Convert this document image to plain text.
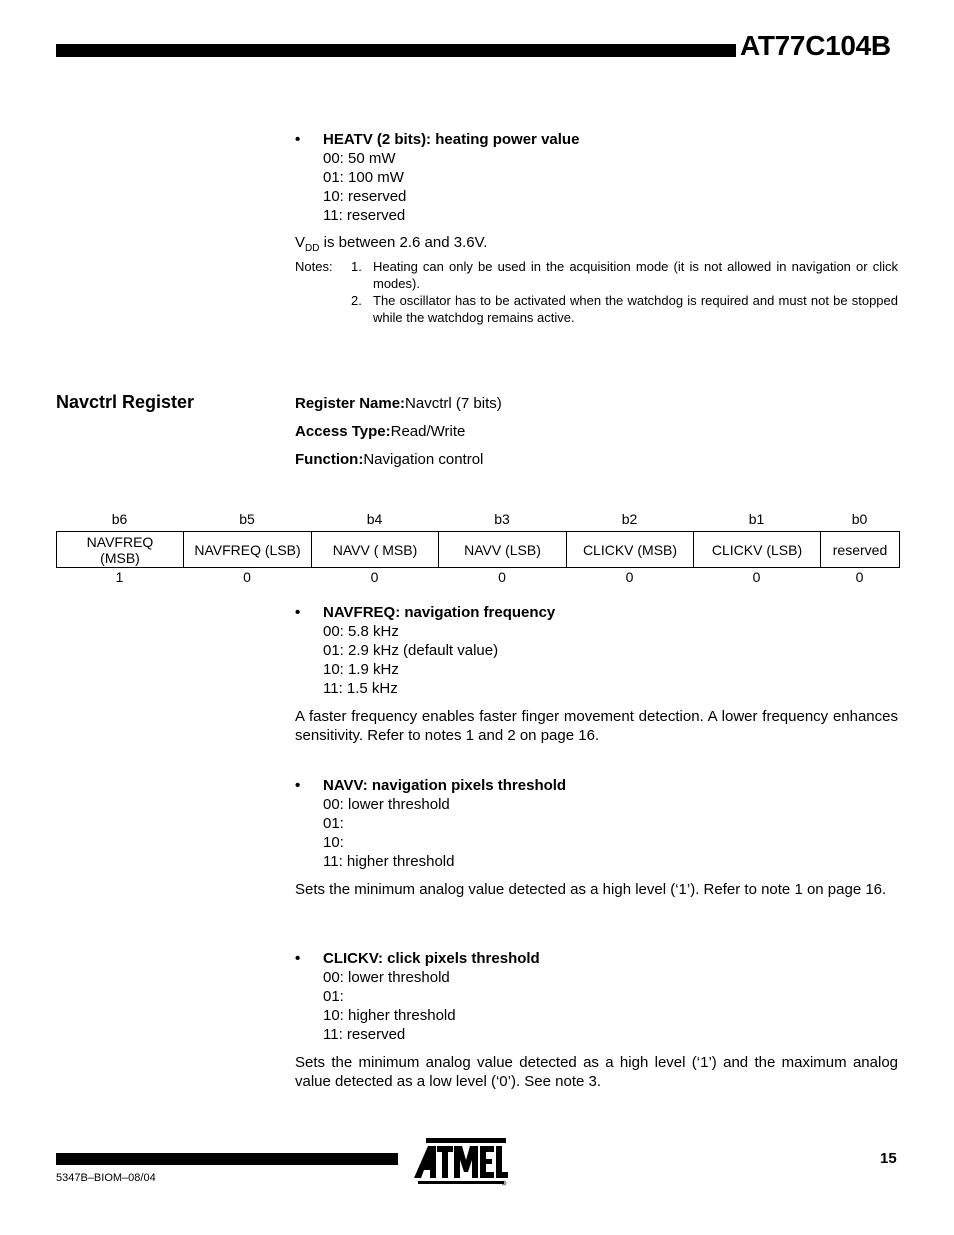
AT77C104B
• HEATV (2 bits): heating power value
00: 50 mW
01: 100 mW
10: reserved
11: reserved
$V_{DD}$ is between 2.6 and 3.6V.
Notes:	1. Heating can only be used in the acquisition mode (it is not allowed in navigation or click modes).
2. The oscillator has to be activated when the watchdog is required and must not be stopped while the watchdog remains active.
Navctrl Register	Register Name:Navctrl (7 bits)
Access Type:Read/Write
Function:Navigation control
b6	b5	b4	b3	b2	b1	b0
NAVFREQ (MSB)	NAVFREQ (LSB)	NAVV ( MSB)	NAVV (LSB)	CLICKV (MSB)	CLICKV (LSB)	reserved
1	0	0	0	0	0	0
• NAVFREQ: navigation frequency
00: 5.8 kHz
01: 2.9 kHz (default value)
10: 1.9 kHz
11: 1.5 kHz
A faster frequency enables faster finger movement detection. A lower frequency enhances sensitivity. Refer to notes 1 and 2 on page 16.
• NAVV: navigation pixels threshold
00: lower threshold
01:
10:
11: higher threshold
Sets the minimum analog value detected as a high level (‘1’). Refer to note 1 on page 16.
• CLICKV: click pixels threshold
00: lower threshold
01:
10: higher threshold
11: reserved
Sets the minimum analog value detected as a high level (‘1’) and the maximum analog value detected as a low level (‘0’). See note 3.
5347B–BIOM–08/04
15
R
